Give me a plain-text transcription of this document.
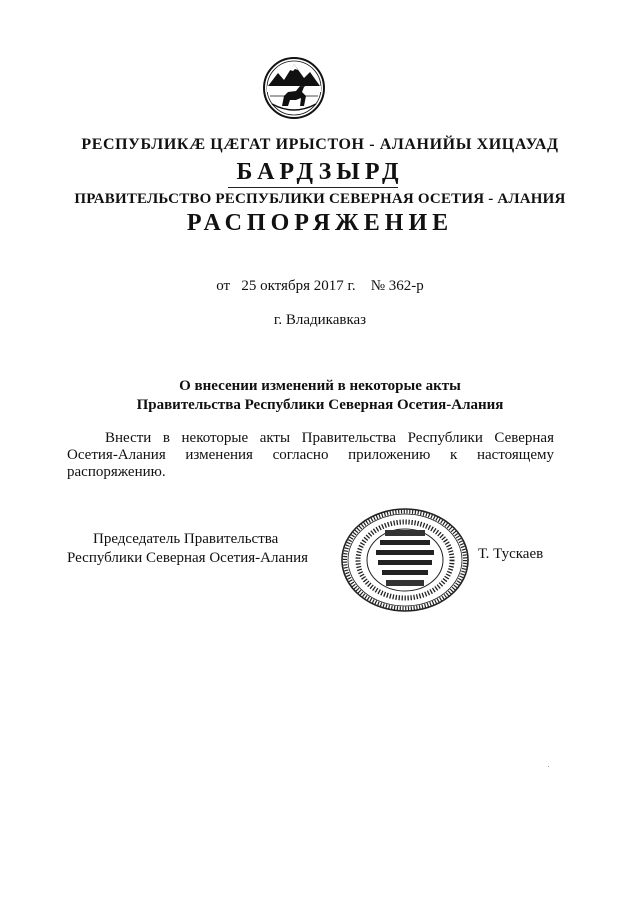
РЕСПУБЛИКÆ ЦÆГАТ ИРЫСТОН - АЛАНИЙЫ ХИЦАУАД
БАРДЗЫРД
ПРАВИТЕЛЬСТВО РЕСПУБЛИКИ СЕВЕРНАЯ ОСЕТИЯ - АЛАНИЯ
РАСПОРЯЖЕНИЕ
от 25 октября 2017 г. № 362-р
г. Владикавказ
О внесении изменений в некоторые акты
Правительства Республики Северная Осетия-Алания
Внести в некоторые акты Правительства Республики Северная
Осетия-Алания изменения согласно приложению к настоящему
распоряжению.
Председатель Правительства
Республики Северная Осетия-Алания	Т. Тускаев
